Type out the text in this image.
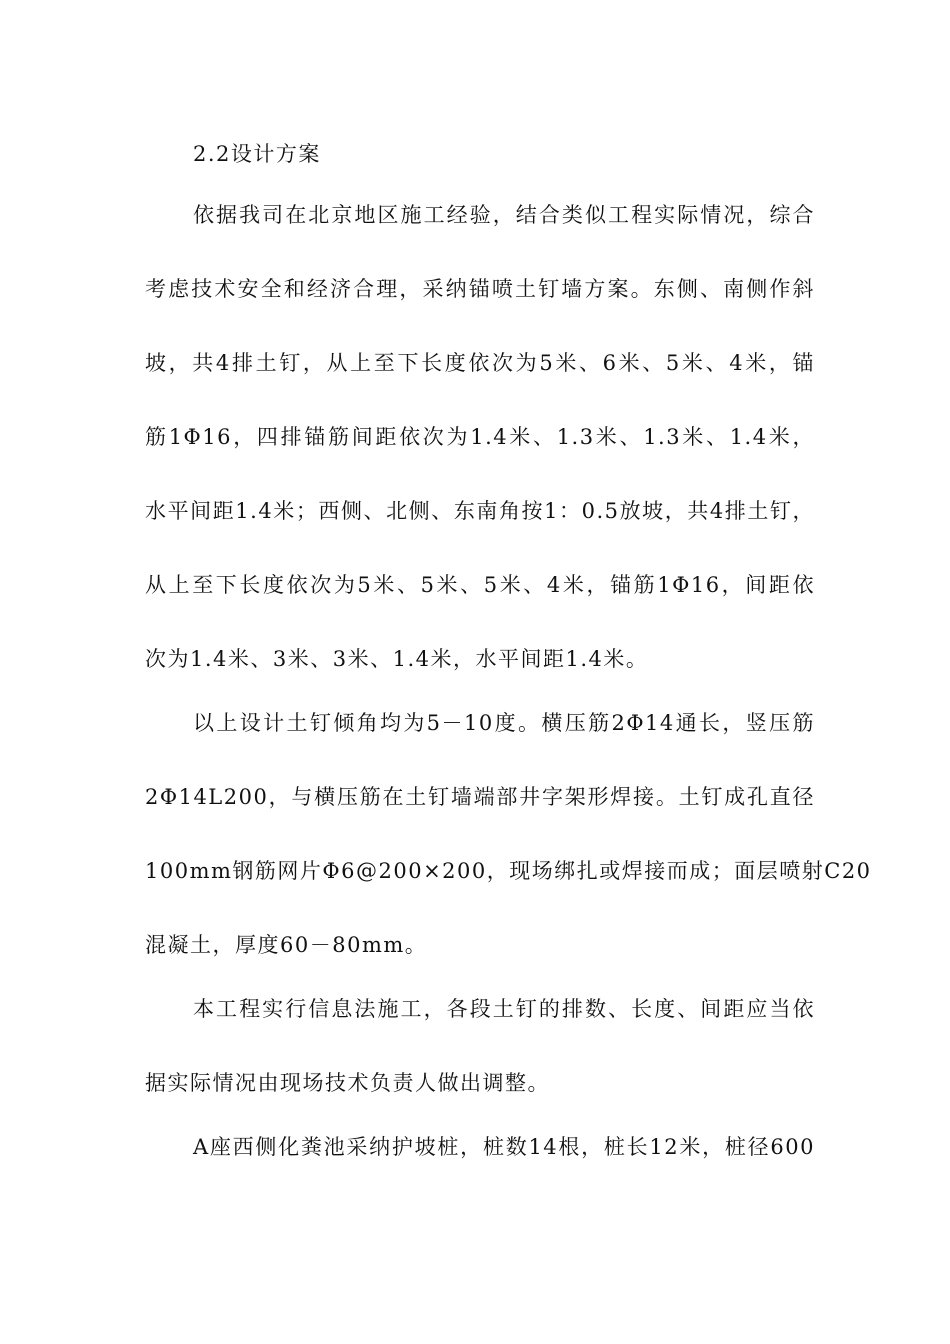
2.2设计方案
依据我司在北京地区施工经验，结合类似工程实际情况，综合
考虑技术安全和经济合理，采纳锚喷土钉墙方案。东侧、南侧作斜
坡，共4排土钉，从上至下长度依次为5米、6米、5米、4米，锚
筋1Φ16，四排锚筋间距依次为1.4米、1.3米、1.3米、1.4米，
水平间距1.4米；西侧、北侧、东南角按1：0.5放坡，共4排土钉，
从上至下长度依次为5米、5米、5米、4米，锚筋1Φ16，间距依
次为1.4米、3米、3米、1.4米，水平间距1.4米。
以上设计土钉倾角均为5－10度。横压筋2Φ14通长，竖压筋
2Φ14L200，与横压筋在土钉墙端部井字架形焊接。土钉成孔直径
100mm钢筋网片Φ6@200×200，现场绑扎或焊接而成；面层喷射C20
混凝土，厚度60－80mm。
本工程实行信息法施工，各段土钉的排数、长度、间距应当依
据实际情况由现场技术负责人做出调整。
A座西侧化粪池采纳护坡桩，桩数14根，桩长12米，桩径600
